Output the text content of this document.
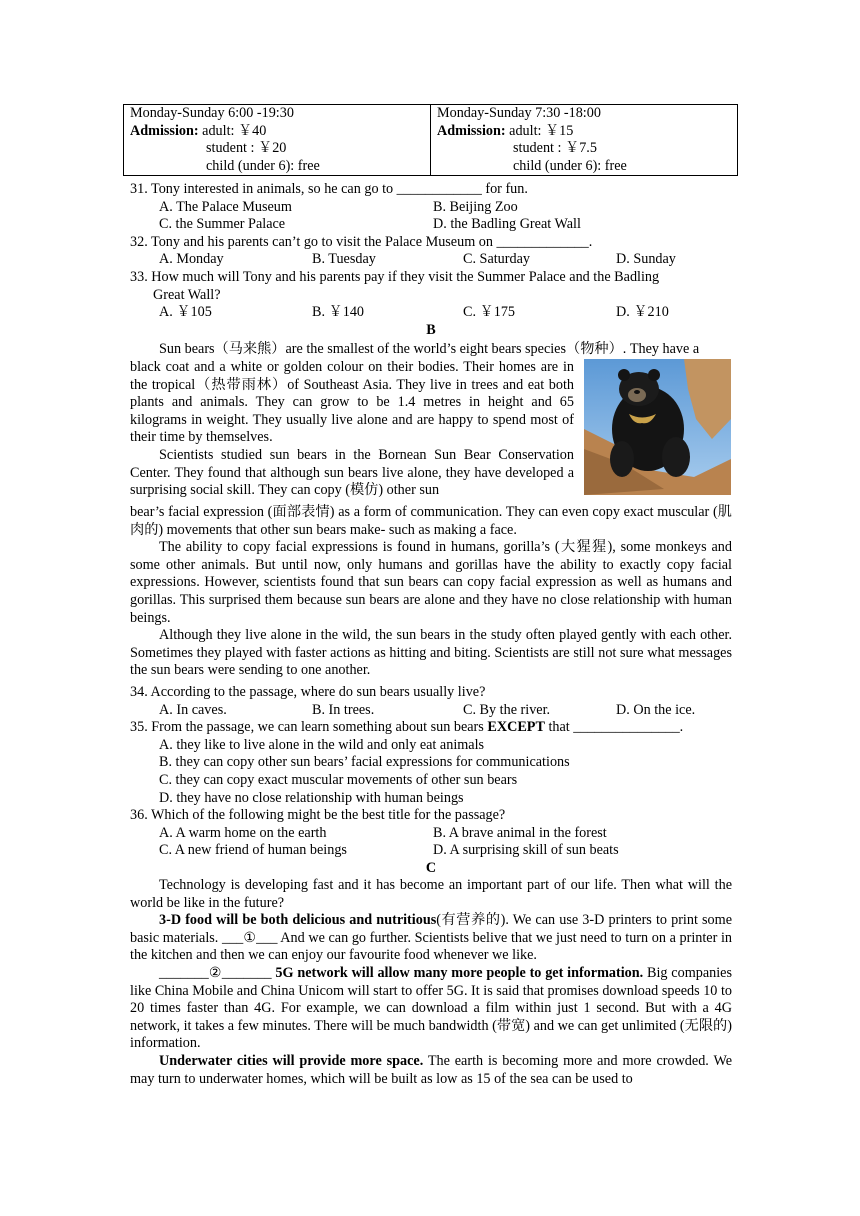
Monday-Sunday 6:00 -19:30
Admission: adult: ￥40
student : ￥20
child (under 6): free

Monday-Sunday 7:30 -18:00
Admission: adult: ￥15
student : ￥7.5
child (under 6): free
31. Tony interested in animals, so he can go to ____________ for fun.
A. The Palace Museum	B. Beijing Zoo
C. the Summer Palace	D. the Badling Great Wall
32. Tony and his parents can’t go to visit the Palace Museum on _____________.
A. Monday	B. Tuesday	C. Saturday	D. Sunday
33. How much will Tony and his parents pay if they visit the Summer Palace and the Badling
Great Wall?
A. ￥105	B. ￥140	C. ￥175	D. ￥210
B

Sun bears（马来熊）are the smallest of the world’s eight bears species（物种）. They have a

black coat and a white or golden colour on their bodies. Their homes are in the tropical（热带雨林）of Southeast Asia. They live in trees and eat both plants and animals. They can grow to be 1.4 metres in height and 65 kilograms in weight. They usually live alone and are happy to spend most of their time by themselves.

Scientists studied sun bears in the Bornean Sun Bear Conservation Center. They found that although sun bears live alone, they have developed a surprising social skill. They can copy (模仿) other sun

bear’s facial expression (面部表情) as a form of communication. They can even copy exact muscular (肌肉的) movements that other sun bears make- such as making a face.

The ability to copy facial expressions is found in humans, gorilla’s (大猩猩), some monkeys and some other animals. But until now, only humans and gorillas have the ability to exactly copy facial expressions. However, scientists found that sun bears can copy facial expression as well as humans and gorillas. This surprised them because sun bears are alone and they have no close relationship with human beings.

Although they live alone in the wild, the sun bears in the study often played gently with each other. Sometimes they played with faster actions as hitting and biting. Scientists are still not sure what messages the sun bears were sending to one another.

34. According to the passage, where do sun bears usually live?
A. In caves.	B. In trees.	C. By the river.	D. On the ice.
35. From the passage, we can learn something about sun bears EXCEPT that _______________.
A. they like to live alone in the wild and only eat animals
B. they can copy other sun bears’ facial expressions for communications
C. they can copy exact muscular movements of other sun bears
D. they have no close relationship with human beings
36. Which of the following might be the best title for the passage?
A. A warm home on the earth	B. A brave animal in the forest
C. A new friend of human beings	D. A surprising skill of sun beats
C

Technology is developing fast and it has become an important part of our life. Then what will the world be like in the future?

3-D food will be both delicious and nutritious(有营养的). We can use 3-D printers to print some basic materials. ___①___ And we can go further. Scientists belive that we just need to turn on a printer in the kitchen and then we can enjoy our favourite food whenever we like.

_______②_______ 5G network will allow many more people to get information. Big companies like China Mobile and China Unicom will start to offer 5G. It is said that promises download speeds 10 to 20 times faster than 4G. For example, we can download a film within just 1 second. But with a 4G network, it takes a few minutes. There will be much bandwidth (带宽) and we can get unlimited (无限的) information.

Underwater cities will provide more space. The earth is becoming more and more crowded. We may turn to underwater homes, which will be built as low as 15 of the sea can be used to
